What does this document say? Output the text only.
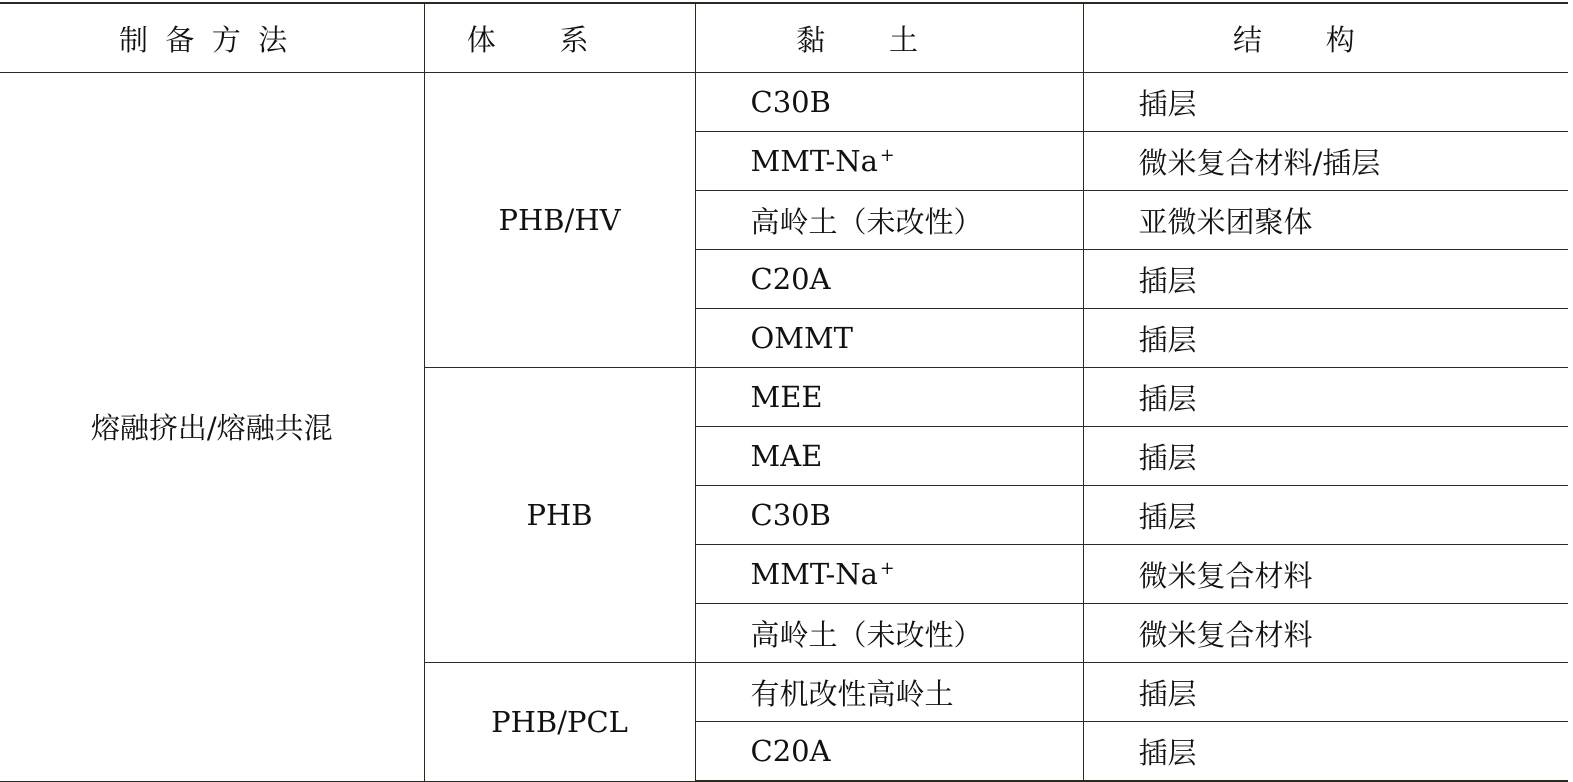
制备方法	体系	黏土	结构
熔融挤出/熔融共混	PHB/HV	C30B	插层
		MMT-Na +	微米复合材料/插层
		高岭土（未改性）	亚微米团聚体
		C20A	插层
		OMMT	插层
	PHB	MEE	插层
		MAE	插层
		C30B	插层
		MMT-Na +	微米复合材料
		高岭土（未改性）	微米复合材料
	PHB/PCL	有机改性高岭土	插层
		C20A	插层
